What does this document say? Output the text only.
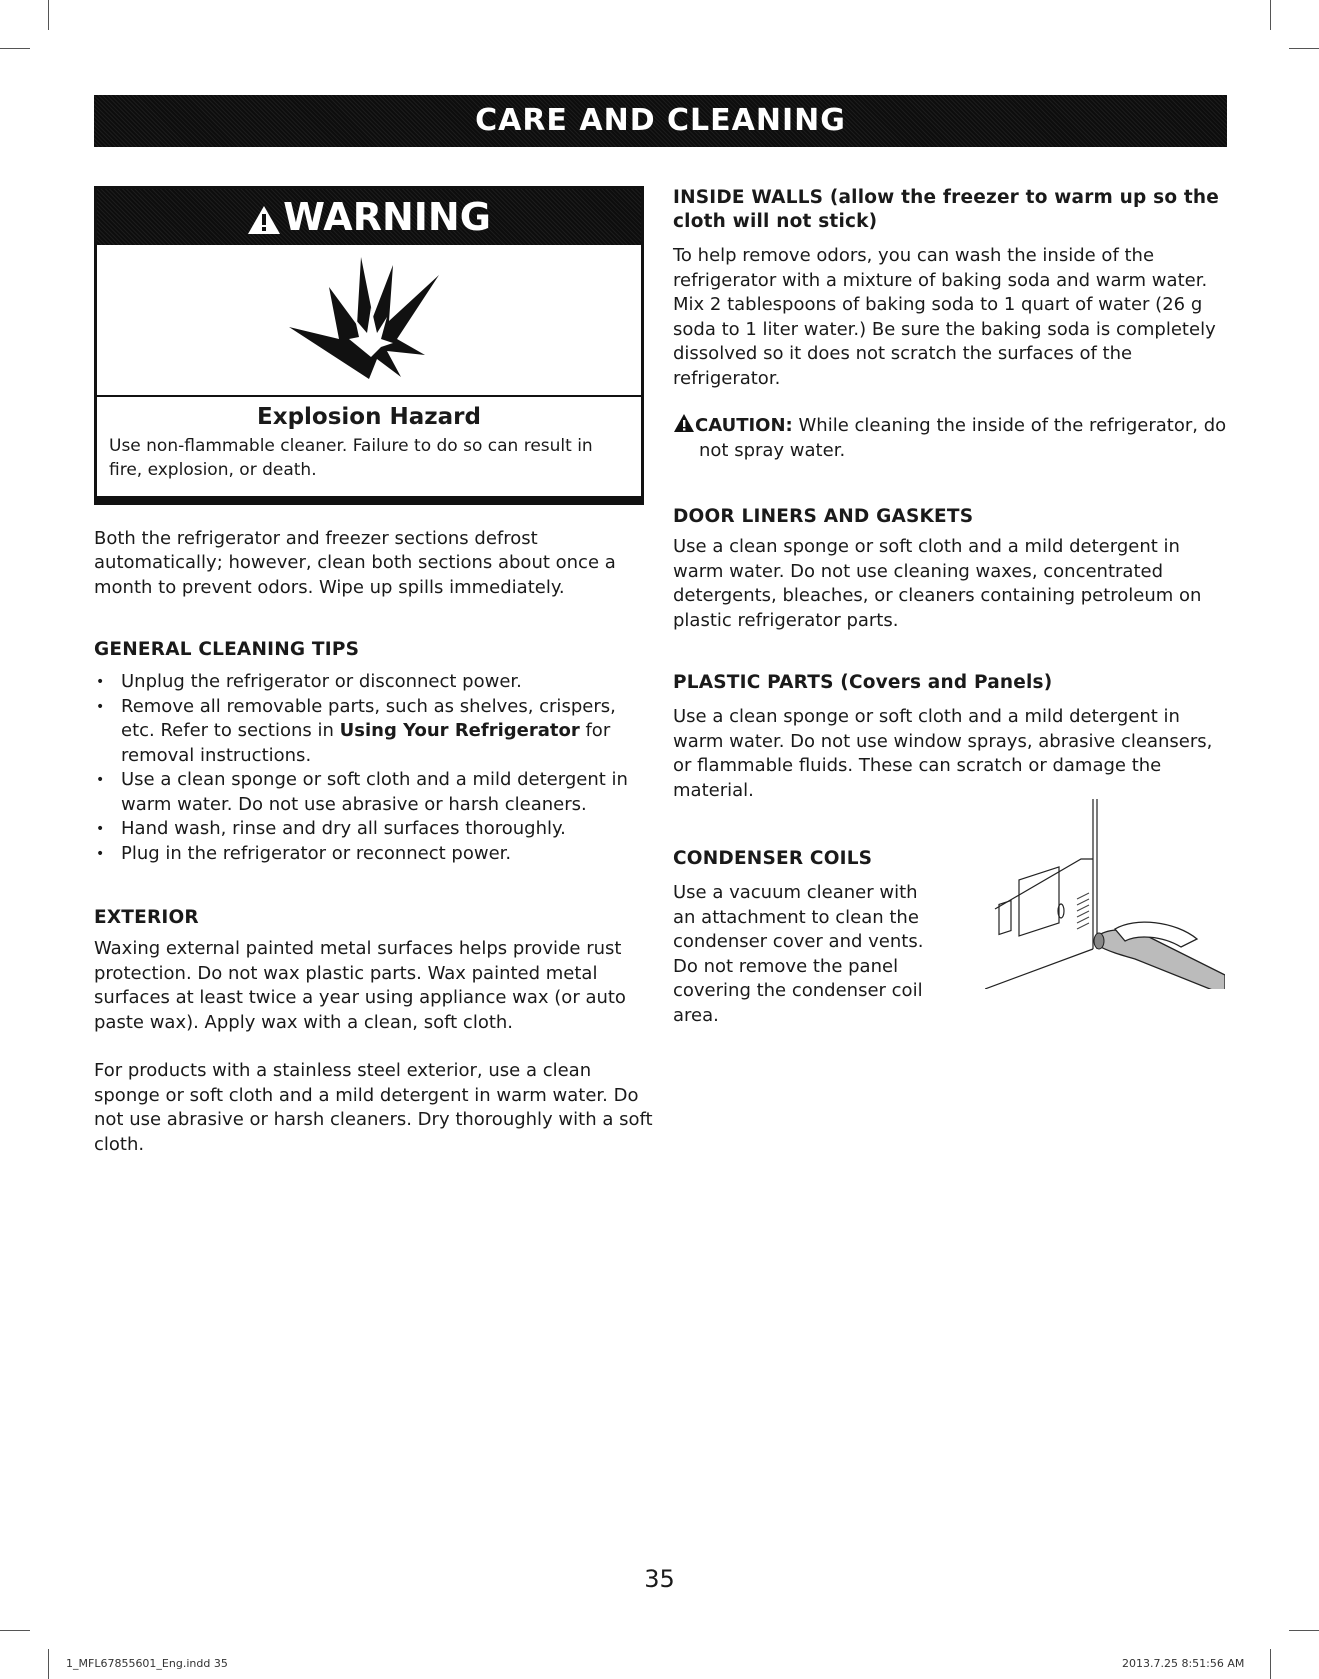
CARE AND CLEANING
WARNING

Explosion Hazard

Use non-flammable cleaner. Failure to do so can result in fire, explosion, or death.

Both the refrigerator and freezer sections defrost automatically; however, clean both sections about once a month to prevent odors. Wipe up spills immediately.

GENERAL CLEANING TIPS
• Unplug the refrigerator or disconnect power.
• Remove all removable parts, such as shelves, crispers, etc. Refer to sections in Using Your Refrigerator for removal instructions.
• Use a clean sponge or soft cloth and a mild detergent in warm water. Do not use abrasive or harsh cleaners.
• Hand wash, rinse and dry all surfaces thoroughly.
• Plug in the refrigerator or reconnect power.
EXTERIOR

Waxing external painted metal surfaces helps provide rust protection. Do not wax plastic parts. Wax painted metal surfaces at least twice a year using appliance wax (or auto paste wax). Apply wax with a clean, soft cloth.

For products with a stainless steel exterior, use a clean sponge or soft cloth and a mild detergent in warm water. Do not use abrasive or harsh cleaners. Dry thoroughly with a soft cloth.

INSIDE WALLS (allow the freezer to warm up so the cloth will not stick)

To help remove odors, you can wash the inside of the refrigerator with a mixture of baking soda and warm water. Mix 2 tablespoons of baking soda to 1 quart of water (26 g soda to 1 liter water.) Be sure the baking soda is completely dissolved so it does not scratch the surfaces of the refrigerator.

CAUTION: While cleaning the inside of the refrigerator, do not spray water.

DOOR LINERS AND GASKETS

Use a clean sponge or soft cloth and a mild detergent in warm water. Do not use cleaning waxes, concentrated detergents, bleaches, or cleaners containing petroleum on plastic refrigerator parts.

PLASTIC PARTS (Covers and Panels)

Use a clean sponge or soft cloth and a mild detergent in warm water. Do not use window sprays, abrasive cleansers, or flammable fluids. These can scratch or damage the material.

CONDENSER COILS

Use a vacuum cleaner with an attachment to clean the condenser cover and vents. Do not remove the panel covering the condenser coil area.

35
1_MFL67855601_Eng.indd 35	2013.7.25 8:51:56 AM
